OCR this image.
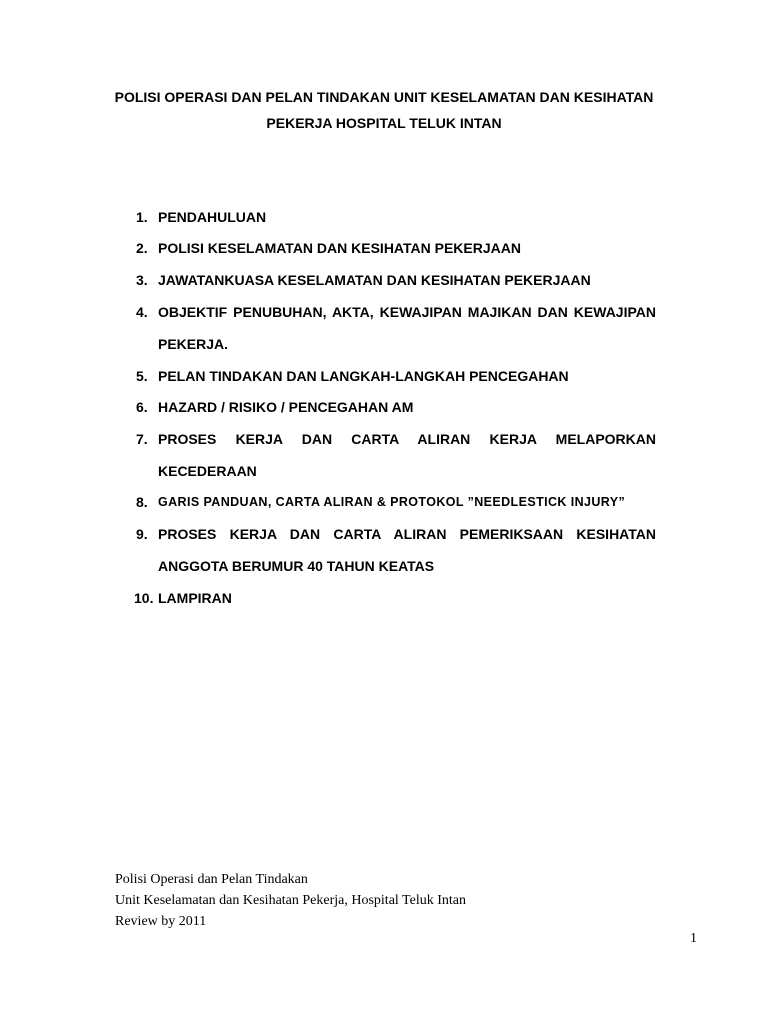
POLISI OPERASI DAN PELAN TINDAKAN UNIT KESELAMATAN DAN KESIHATAN
PEKERJA HOSPITAL TELUK INTAN
1. PENDAHULUAN
2. POLISI KESELAMATAN DAN KESIHATAN PEKERJAAN
3. JAWATANKUASA KESELAMATAN DAN KESIHATAN PEKERJAAN
4. OBJEKTIF PENUBUHAN, AKTA, KEWAJIPAN MAJIKAN DAN KEWAJIPAN
PEKERJA.
5. PELAN TINDAKAN DAN LANGKAH-LANGKAH PENCEGAHAN
6. HAZARD / RISIKO / PENCEGAHAN AM
7. PROSES KERJA DAN CARTA ALIRAN KERJA MELAPORKAN
KECEDERAAN
8. GARIS PANDUAN, CARTA ALIRAN & PROTOKOL ”NEEDLESTICK INJURY”
9. PROSES KERJA DAN CARTA ALIRAN PEMERIKSAAN KESIHATAN
ANGGOTA BERUMUR 40 TAHUN KEATAS
10. LAMPIRAN
Polisi Operasi dan Pelan Tindakan
Unit Keselamatan dan Kesihatan Pekerja, Hospital Teluk Intan
Review by 2011
1
